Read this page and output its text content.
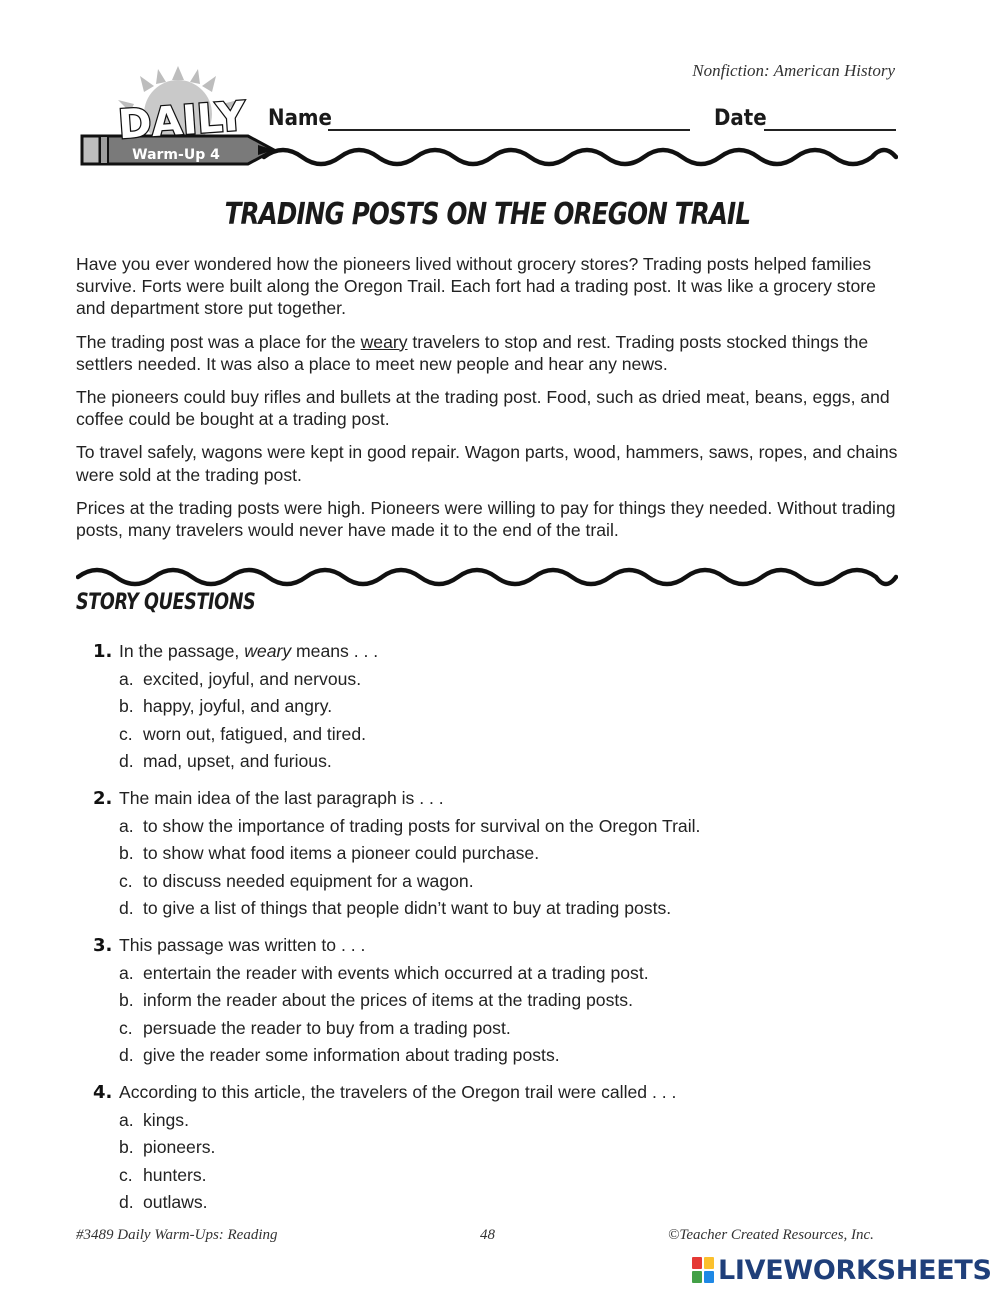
Nonfiction: American History
DAILY
Warm-Up 4
Name	Date
TRADING POSTS ON THE OREGON TRAIL

Have you ever wondered how the pioneers lived without grocery stores? Trading posts helped families survive. Forts were built along the Oregon Trail. Each fort had a trading post. It was like a grocery store and department store put together.

The trading post was a place for the weary travelers to stop and rest. Trading posts stocked things the settlers needed. It was also a place to meet new people and hear any news.

The pioneers could buy rifles and bullets at the trading post. Food, such as dried meat, beans, eggs, and coffee could be bought at a trading post.

To travel safely, wagons were kept in good repair. Wagon parts, wood, hammers, saws, ropes, and chains were sold at the trading post.

Prices at the trading posts were high. Pioneers were willing to pay for things they needed. Without trading posts, many travelers would never have made it to the end of the trail.

STORY QUESTIONS
1. In the passage, weary means . . .
a. excited, joyful, and nervous.
b. happy, joyful, and angry.
c. worn out, fatigued, and tired.
d. mad, upset, and furious.
2. The main idea of the last paragraph is . . .
a. to show the importance of trading posts for survival on the Oregon Trail.
b. to show what food items a pioneer could purchase.
c. to discuss needed equipment for a wagon.
d. to give a list of things that people didn’t want to buy at trading posts.
3. This passage was written to . . .
a. entertain the reader with events which occurred at a trading post.
b. inform the reader about the prices of items at the trading posts.
c. persuade the reader to buy from a trading post.
d. give the reader some information about trading posts.
4. According to this article, the travelers of the Oregon trail were called . . .
a. kings.
b. pioneers.
c. hunters.
d. outlaws.
#3489 Daily Warm-Ups: Reading	48	©Teacher Created Resources, Inc.
LIVEWORKSHEETS
